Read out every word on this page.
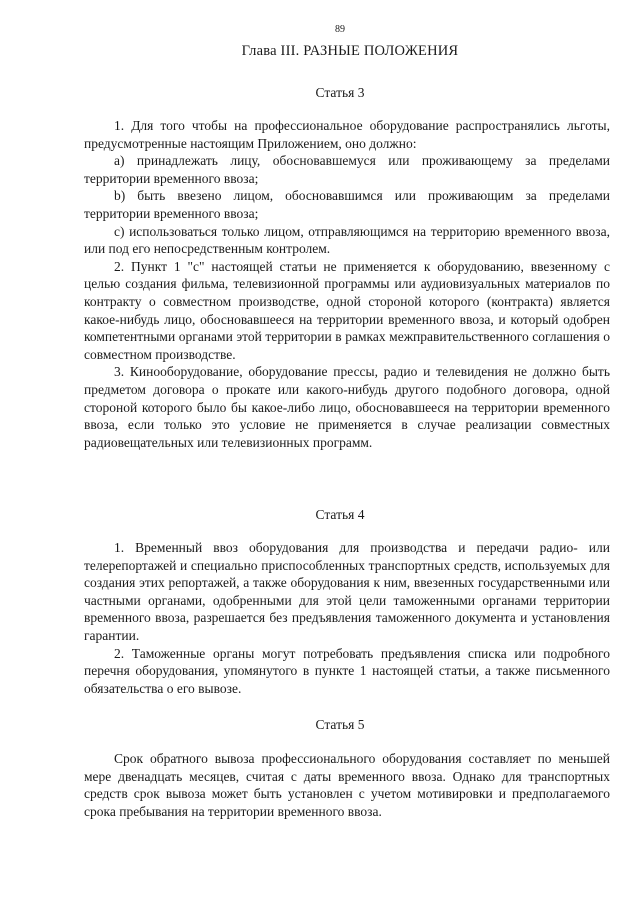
89
Глава III. РАЗНЫЕ ПОЛОЖЕНИЯ
Статья 3

1. Для того чтобы на профессиональное оборудование распространялись льготы, предусмотренные настоящим Приложением, оно должно:

а) принадлежать лицу, обосновавшемуся или проживающему за пределами территории временного ввоза;

b) быть ввезено лицом, обосновавшимся или проживающим за пределами территории временного ввоза;

с) использоваться только лицом, отправляющимся на территорию временного ввоза, или под его непосредственным контролем.

2. Пункт 1 "с" настоящей статьи не применяется к оборудованию, ввезенному с целью создания фильма, телевизионной программы или аудиовизуальных материалов по контракту о совместном производстве, одной стороной которого (контракта) является какое-нибудь лицо, обосновавшееся на территории временного ввоза, и который одобрен компетентными органами этой территории в рамках межправительственного соглашения о совместном производстве.

3. Кинооборудование, оборудование прессы, радио и телевидения не должно быть предметом договора о прокате или какого-нибудь другого подобного договора, одной стороной которого было бы какое-либо лицо, обосновавшееся на территории временного ввоза, если только это условие не применяется в случае реализации совместных радиовещательных или телевизионных программ.

Статья 4

1. Временный ввоз оборудования для производства и передачи радио- или телерепортажей и специально приспособленных транспортных средств, используемых для создания этих репортажей, а также оборудования к ним, ввезенных государственными или частными органами, одобренными для этой цели таможенными органами территории временного ввоза, разрешается без предъявления таможенного документа и установления гарантии.

2. Таможенные органы могут потребовать предъявления списка или подробного перечня оборудования, упомянутого в пункте 1 настоящей статьи, а также письменного обязательства о его вывозе.

Статья 5

Срок обратного вывоза профессионального оборудования составляет по меньшей мере двенадцать месяцев, считая с даты временного ввоза. Однако для транспортных средств срок вывоза может быть установлен с учетом мотивировки и предполагаемого срока пребывания на территории временного ввоза.
